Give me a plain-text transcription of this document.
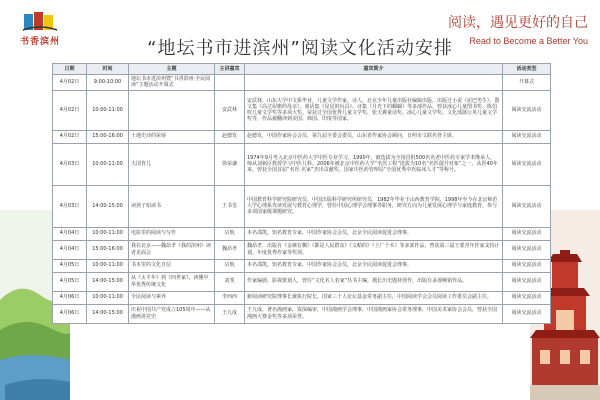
书香滨州
阅读，遇见更好的自己
Read to Become a Better You
“地坛书市进滨州”阅读文化活动安排
日期	时间	主题	主讲嘉宾	嘉宾简介	活动类型
4月02日	9:00-10:00	地坛书市进滨州暨“书香滨州·全民阅读”主题活动开幕式			开幕式
4月02日	10:00-11:00		安武林	安武林，山东大学中文系毕业，儿童文学作家，诗人，北京少年儿童出版社编辑出版。出版过小说《泥巴男生》、散文集《高过屋檐的母亲》、童话集《星星的玩具》、诗集《月光下的蝈蝈》等多部作品，曾获冰心儿童图书奖、陈伯吹儿童文学奖等多项大奖。荣获过全国优秀儿童文学奖、张天翼童话奖、冰心儿童文学奖、文化部蒲公英儿童文学奖等，作品被翻译到美国、韩国、印度等国家。	阅读交流活动
4月02日	15:00-16:00	土地史诗的荣辱	赵德发	赵德发，中国作家协会会员，第九届全委会委员，山东省作家协会顾问，日照市文联名誉主席。	阅读交流活动
4月03日	10:00-11:00	大国育儿	徐荣谦	1974年9月考入北京中医药大学中医专业学习。1990年，被选拔为全国首批500名名老中医药专家学术继承人，师从刘弼臣教授学习中医儿科。2006年被北京中医药大学“名医工程”选拔为10名“名医提升对象”之一，从医40年来，曾获全国首届“名医·名家”杰出贡献奖，国家中医药管理局“全国优秀中医临床人才”等称号。	阅读交流活动
4月03日	14:00-15:00	读孩子如读书	王书荃	中国教育科学研究院研究员，中国出版科学研究所研究员，1982年毕业于山西教育学院，1998年至今在北京师范大学心理系攻读发展与教育心理学，曾任中国心理学会理事等职务，研究方向为儿童发展心理学与家庭教育，参与多项国家级课题研究。	阅读交流活动
4月04日	10:00-11:00	电影里的阅读与写作	启航	本名邵凯，知名教育专家，中国作家协会会员，北京全民阅读促进会理事。	阅读交流活动
4月04日	15:00-16:00	我在北京——魏昂孝《我的滨州》读者见面会	魏昂孝	魏昂孝，出版有《金寨在飘》《都是人民群众》《文蛤的》《土广个木》等多部作品，曾获第三届王蒙青年作家支持计划、年度优秀作家等奖项。	阅读交流活动
4月05日	10:00-11:00	书本里的文化自信	启航	本名邵凯，知名教育专家，中国作家协会会员，北京全民阅读促进会理事。	阅读交流活动
4月05日	14:00-15:00	从《太平年》到《四世家》，读懂中华优秀传统文化	刘斐	作家编剧、影视策划人，曾任“文化名人名家”丛书主编，擅长历史题材创作，出版有多部畅销作品。	阅读交流活动
4月06日	10:00-11:00	全民阅读与素养	李西西	新阅读研究院理事长兼执行院长，国家三十人论坛基金常务副主任，中国阅读学会会员阅读工作委员会副主任。	阅读交流活动
4月06日	14:00-15:00	庆祝中国共产党成立105周年——从漫画讲党史	王九成	王九成，著名漫画家，资深编审，中国漫画学会理事，中国漫画家协会常务理事，中国美术家协会会员，曾获全国漫画大赛金奖等多项荣誉。	阅读交流活动
